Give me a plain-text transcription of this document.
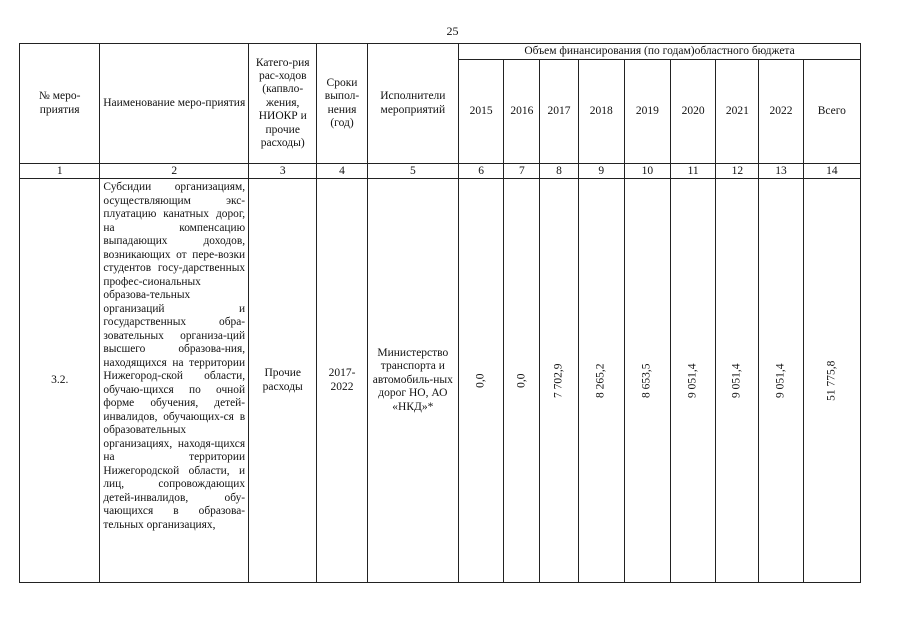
25
№ меро-приятия	Наименование меро-приятия	Катего-рия рас-ходов (капвло-жения, НИОКР и прочие расходы)	Сроки выпол-нения (год)	Исполнители мероприятий	Объем финансирования (по годам)областного бюджета								
					2015	2016	2017	2018	2019	2020	2021	2022	Всего
1	2	3	4	5	6	7	8	9	10	11	12	13	14
3.2.	Субсидии организациям, осуществляющим экс-плуатацию канатных дорог, на компенсацию выпадающих доходов, возникающих от пере-возки студентов госу-дарственных профес-сиональных образова-тельных организаций и государственных обра-зовательных организа-ций высшего образова-ния, находящихся на территории Нижегород-ской области, обучаю-щихся по очной форме обучения, детей-инвалидов, обучающих-ся в образовательных организациях, находя-щихся на территории Нижегородской области, и лиц, сопровождающих детей-инвалидов, обу-чающихся в образова-тельных организациях,	Прочие расходы	2017-2022	Министерство транспорта и автомобиль-ных дорог НО, АО «НКД»*	0,0	0,0	7 702,9	8 265,2	8 653,5	9 051,4	9 051,4	9 051,4	51 775,8
